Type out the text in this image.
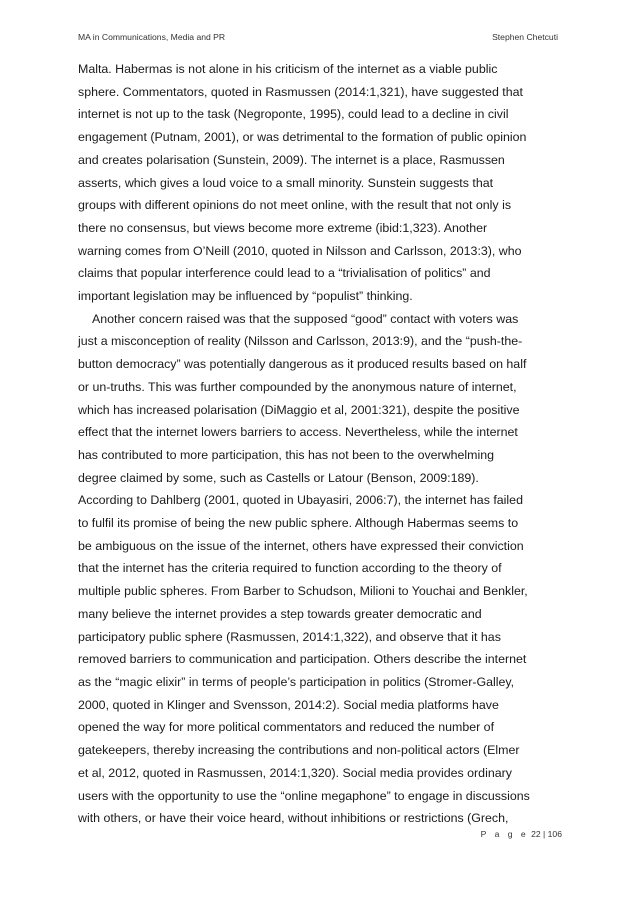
MA in Communications, Media and PR	Stephen Chetcuti

Malta. Habermas is not alone in his criticism of the internet as a viable public
sphere. Commentators, quoted in Rasmussen (2014:1,321), have suggested that
internet is not up to the task (Negroponte, 1995), could lead to a decline in civil
engagement (Putnam, 2001), or was detrimental to the formation of public opinion
and creates polarisation (Sunstein, 2009). The internet is a place, Rasmussen
asserts, which gives a loud voice to a small minority. Sunstein suggests that
groups with different opinions do not meet online, with the result that not only is
there no consensus, but views become more extreme (ibid:1,323). Another
warning comes from O’Neill (2010, quoted in Nilsson and Carlsson, 2013:3), who
claims that popular interference could lead to a “trivialisation of politics” and
important legislation may be influenced by “populist” thinking.

Another concern raised was that the supposed “good” contact with voters was
just a misconception of reality (Nilsson and Carlsson, 2013:9), and the “push-the-
button democracy” was potentially dangerous as it produced results based on half
or un-truths. This was further compounded by the anonymous nature of internet,
which has increased polarisation (DiMaggio et al, 2001:321), despite the positive
effect that the internet lowers barriers to access. Nevertheless, while the internet
has contributed to more participation, this has not been to the overwhelming
degree claimed by some, such as Castells or Latour (Benson, 2009:189).
According to Dahlberg (2001, quoted in Ubayasiri, 2006:7), the internet has failed
to fulfil its promise of being the new public sphere. Although Habermas seems to
be ambiguous on the issue of the internet, others have expressed their conviction
that the internet has the criteria required to function according to the theory of
multiple public spheres. From Barber to Schudson, Milioni to Youchai and Benkler,
many believe the internet provides a step towards greater democratic and
participatory public sphere (Rasmussen, 2014:1,322), and observe that it has
removed barriers to communication and participation. Others describe the internet
as the “magic elixir” in terms of people’s participation in politics (Stromer-Galley,
2000, quoted in Klinger and Svensson, 2014:2). Social media platforms have
opened the way for more political commentators and reduced the number of
gatekeepers, thereby increasing the contributions and non-political actors (Elmer
et al, 2012, quoted in Rasmussen, 2014:1,320). Social media provides ordinary
users with the opportunity to use the “online megaphone” to engage in discussions
with others, or have their voice heard, without inhibitions or restrictions (Grech,

P a g e 22 | 106
